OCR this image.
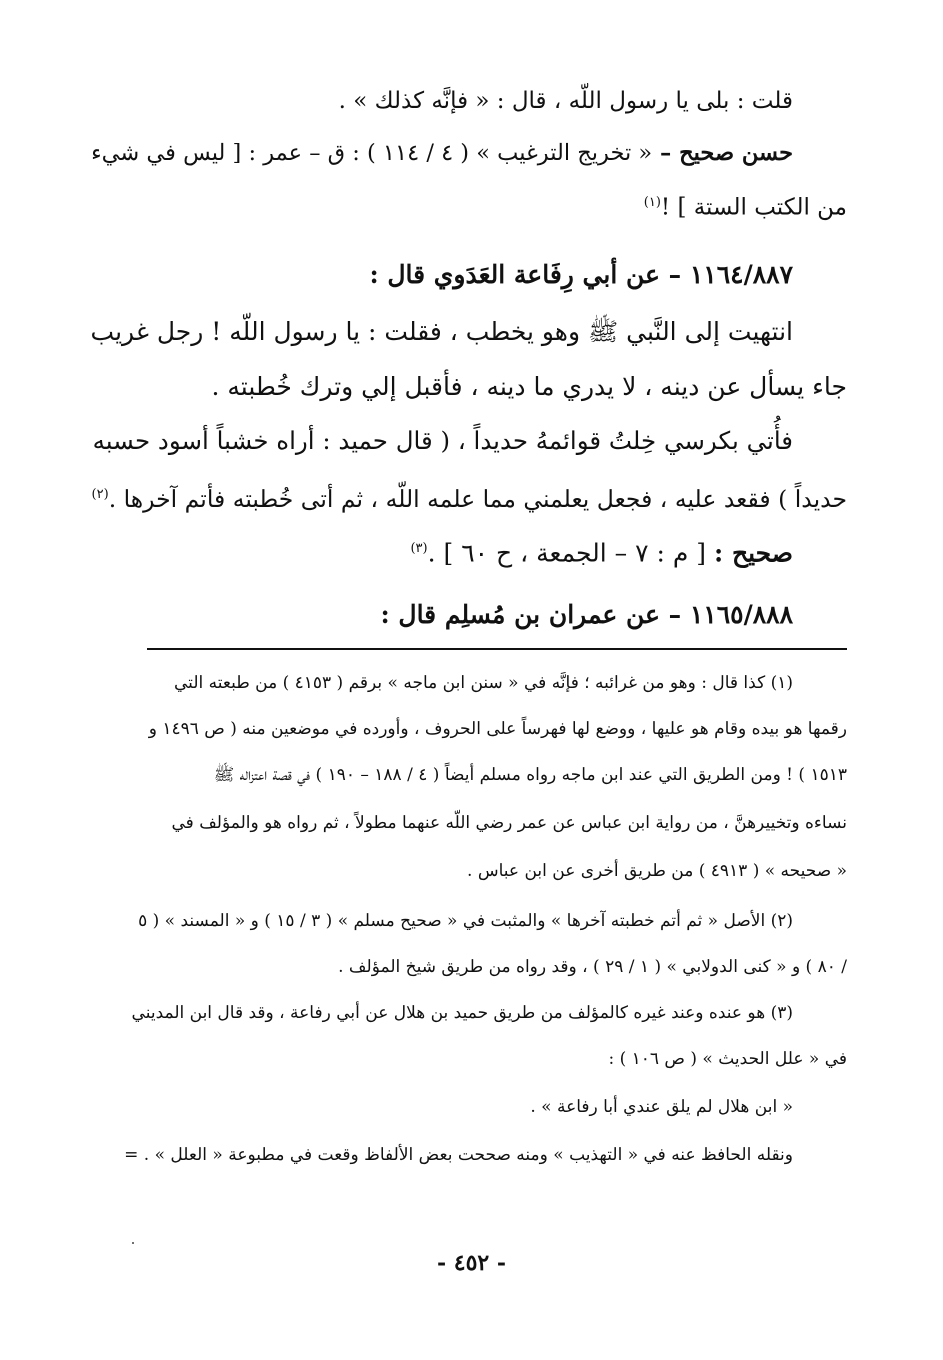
قلت : بلى يا رسول اللّه ، قال : « فإنَّه كذلك » .
حسن صحيح – « تخريج الترغيب » ( ٤ / ١١٤ ) : ق – عمر : [ ليس في شيء
من الكتب الستة ] !$^{(١)}$
١١٦٤/٨٨٧ – عن أبي رِفَاعة العَدَوي قال :
انتهيت إلى النَّبي ﷺ وهو يخطب ، فقلت : يا رسول اللّه ! رجل غريب
جاء يسأل عن دينه ، لا يدري ما دينه ، فأقبل إلي وترك خُطبته .
فأُتي بكرسي خِلتُ قوائمهُ حديداً ، ( قال حميد : أراه خشباً أسود حسبه
حديداً ) فقعد عليه ، فجعل يعلمني مما علمه اللّه ، ثم أتى خُطبته فأتم آخرها .$^{(٢)}$
صحيح : [ م : ٧ – الجمعة ، ح ٦٠ ] .$^{(٣)}$
١١٦٥/٨٨٨ – عن عمران بن مُسلِم قال :
(١) كذا قال : وهو من غرائبه ؛ فإنَّه في « سنن ابن ماجه » برقم ( ٤١٥٣ ) من طبعته التي
رقمها هو بيده وقام هو عليها ، ووضع لها فهرساً على الحروف ، وأورده في موضعين منه ( ص ١٤٩٦ و
١٥١٣ ) ! ومن الطريق التي عند ابن ماجه رواه مسلم أيضاً ( ٤ / ١٨٨ – ١٩٠ ) في قصة اعتزاله ﷺ
نساءه وتخييرهنَّ ، من رواية ابن عباس عن عمر رضي اللّه عنهما مطولاً ، ثم رواه هو والمؤلف في
« صحيحه » ( ٤٩١٣ ) من طريق أخرى عن ابن عباس .
(٢) الأصل « ثم أتم خطبته آخرها » والمثبت في « صحيح مسلم » ( ٣ / ١٥ ) و « المسند » ( ٥
/ ٨٠ ) و « كنى الدولابي » ( ١ / ٢٩ ) ، وقد رواه من طريق شيخ المؤلف .
(٣) هو عنده وعند غيره كالمؤلف من طريق حميد بن هلال عن أبي رفاعة ، وقد قال ابن المديني
في « علل الحديث » ( ص ١٠٦ ) :
« ابن هلال لم يلق عندي أبا رفاعة » .
ونقله الحافظ عنه في « التهذيب » ومنه صححت بعض الألفاظ وقعت في مطبوعة « العلل » . =
- ٤٥٢ -
